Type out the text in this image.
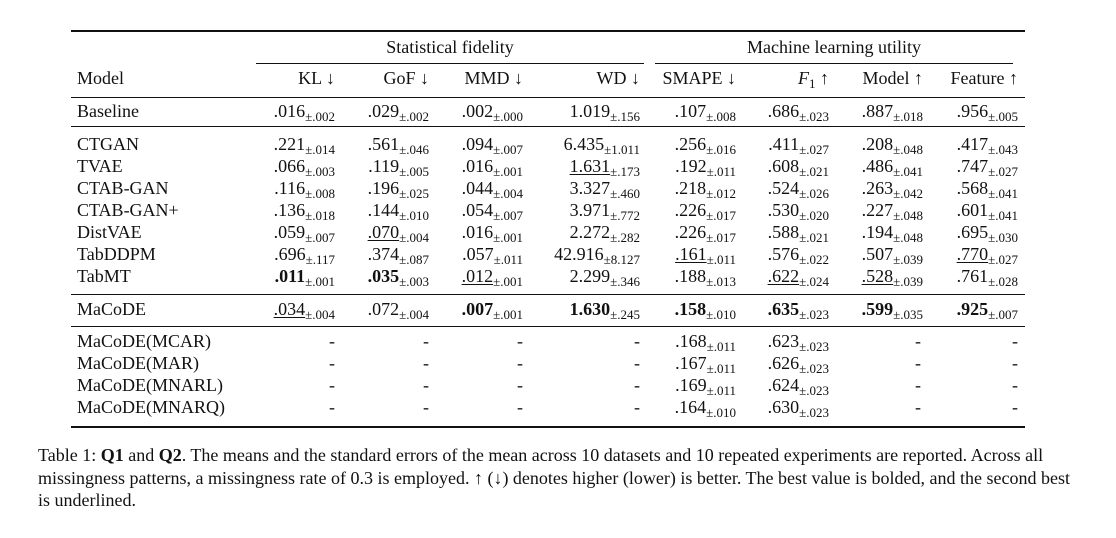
Statistical fidelity	Machine learning utility
Model	KL ↓	GoF ↓	MMD ↓	WD ↓	SMAPE ↓	$F_1$ ↑	Model ↑	Feature ↑
Baseline	$.016_{\pm.002}$	$.029_{\pm.002}$	$.002_{\pm.000}$	$1.019_{\pm.156}$	$.107_{\pm.008}$	$.686_{\pm.023}$	$.887_{\pm.018}$	$.956_{\pm.005}$
CTGAN	$.221_{\pm.014}$	$.561_{\pm.046}$	$.094_{\pm.007}$	$6.435_{\pm 1.011}$	$.256_{\pm.016}$	$.411_{\pm.027}$	$.208_{\pm.048}$	$.417_{\pm.043}$
TVAE	$.066_{\pm.003}$	$.119_{\pm.005}$	$.016_{\pm.001}$	$1.631_{\pm.173}$	$.192_{\pm.011}$	$.608_{\pm.021}$	$.486_{\pm.041}$	$.747_{\pm.027}$
CTAB-GAN	$.116_{\pm.008}$	$.196_{\pm.025}$	$.044_{\pm.004}$	$3.327_{\pm.460}$	$.218_{\pm.012}$	$.524_{\pm.026}$	$.263_{\pm.042}$	$.568_{\pm.041}$
CTAB-GAN+	$.136_{\pm.018}$	$.144_{\pm.010}$	$.054_{\pm.007}$	$3.971_{\pm.772}$	$.226_{\pm.017}$	$.530_{\pm.020}$	$.227_{\pm.048}$	$.601_{\pm.041}$
DistVAE	$.059_{\pm.007}$	$.070_{\pm.004}$	$.016_{\pm.001}$	$2.272_{\pm.282}$	$.226_{\pm.017}$	$.588_{\pm.021}$	$.194_{\pm.048}$	$.695_{\pm.030}$
TabDDPM	$.696_{\pm.117}$	$.374_{\pm.087}$	$.057_{\pm.011}$	$42.916_{\pm 8.127}$	$.161_{\pm.011}$	$.576_{\pm.022}$	$.507_{\pm.039}$	$.770_{\pm.027}$
TabMT	$.011_{\pm.001}$	$.035_{\pm.003}$	$.012_{\pm.001}$	$2.299_{\pm.346}$	$.188_{\pm.013}$	$.622_{\pm.024}$	$.528_{\pm.039}$	$.761_{\pm.028}$
MaCoDE	$.034_{\pm.004}$	$.072_{\pm.004}$	$.007_{\pm.001}$	$1.630_{\pm.245}$	$.158_{\pm.010}$	$.635_{\pm.023}$	$.599_{\pm.035}$	$.925_{\pm.007}$
MaCoDE(MCAR)	-	-	-	-	$.168_{\pm.011}$	$.623_{\pm.023}$	-	-
MaCoDE(MAR)	-	-	-	-	$.167_{\pm.011}$	$.626_{\pm.023}$	-	-
MaCoDE(MNARL)	-	-	-	-	$.169_{\pm.011}$	$.624_{\pm.023}$	-	-
MaCoDE(MNARQ)	-	-	-	-	$.164_{\pm.010}$	$.630_{\pm.023}$	-	-
Table 1: Q1 and Q2. The means and the standard errors of the mean across 10 datasets and 10 repeated experiments are reported. Across all missingness patterns, a missingness rate of 0.3 is employed. ↑ (↓) denotes higher (lower) is better. The best value is bolded, and the second best is underlined.
